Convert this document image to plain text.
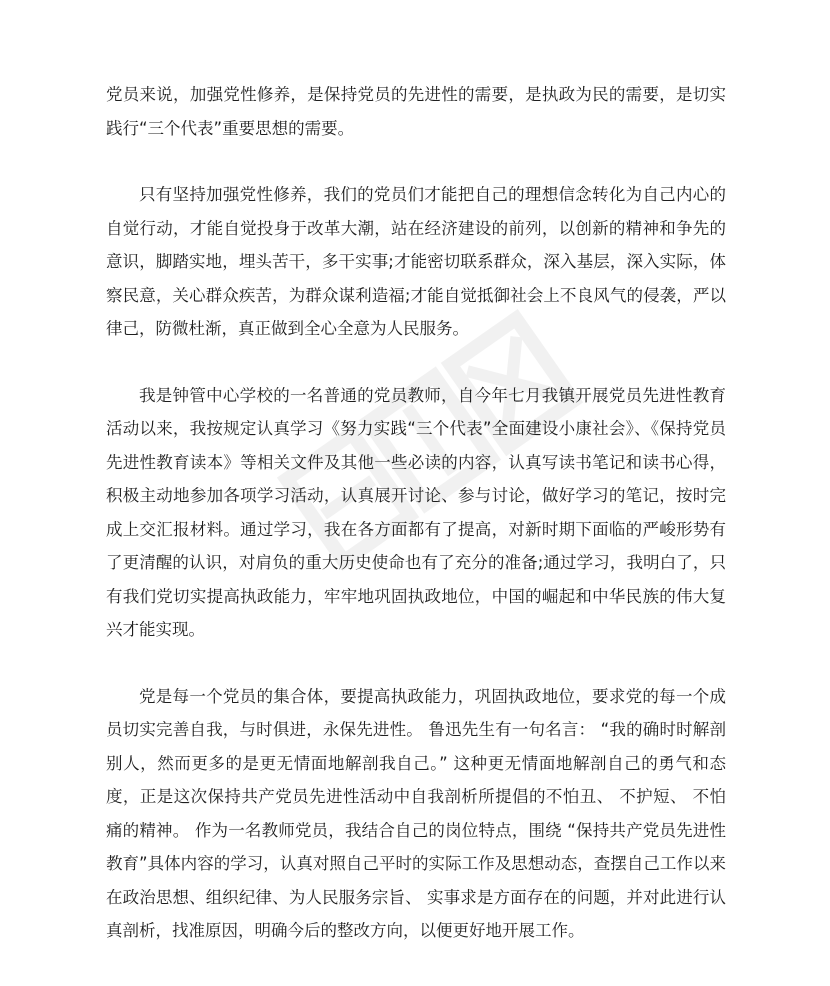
党员来说，加强党性修养，是保持党员的先进性的需要，是执政为民的需要，是切实践行“三个代表”重要思想的需要。

只有坚持加强党性修养，我们的党员们才能把自己的理想信念转化为自己内心的自觉行动，才能自觉投身于改革大潮，站在经济建设的前列，以创新的精神和争先的意识，脚踏实地，埋头苦干，多干实事;才能密切联系群众，深入基层，深入实际，体察民意，关心群众疾苦，为群众谋利造福;才能自觉抵御社会上不良风气的侵袭，严以律己，防微杜渐，真正做到全心全意为人民服务。

我是钟管中心学校的一名普通的党员教师，自今年七月我镇开展党员先进性教育活动以来，我按规定认真学习《努力实践“三个代表”全面建设小康社会》、《保持党员先进性教育读本》等相关文件及其他一些必读的内容，认真写读书笔记和读书心得，积极主动地参加各项学习活动，认真展开讨论、参与讨论，做好学习的笔记，按时完成上交汇报材料。通过学习，我在各方面都有了提高，对新时期下面临的严峻形势有了更清醒的认识，对肩负的重大历史使命也有了充分的准备;通过学习，我明白了，只有我们党切实提高执政能力，牢牢地巩固执政地位，中国的崛起和中华民族的伟大复兴才能实现。

党是每一个党员的集合体，要提高执政能力，巩固执政地位，要求党的每一个成员切实完善自我，与时俱进，永保先进性。 鲁迅先生有一句名言： “我的确时时解剖别人，然而更多的是更无情面地解剖我自己。” 这种更无情面地解剖自己的勇气和态度，正是这次保持共产党员先进性活动中自我剖析所提倡的不怕丑、 不护短、 不怕痛的精神。 作为一名教师党员，我结合自己的岗位特点，围绕 “保持共产党员先进性教育”具体内容的学习，认真对照自己平时的实际工作及思想动态，查摆自己工作以来在政治思想、组织纪律、为人民服务宗旨、 实事求是方面存在的问题，并对此进行认真剖析，找准原因，明确今后的整改方向，以便更好地开展工作。
